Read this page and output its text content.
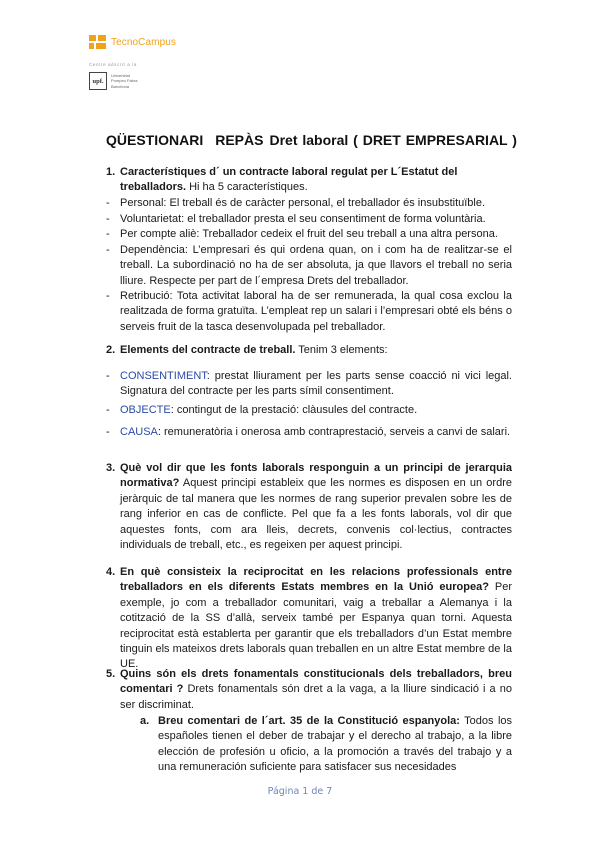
TecnoCampus
Centre adscrit a la
upf.
Universitat
Pompeu Fabra
Barcelona
QÜESTIONARI REPÀS Dret laboral ( DRET EMPRESARIAL )
1. Característiques d´ un contracte laboral regulat per L´Estatut del
treballadors. Hi ha 5 característiques.
- Personal: El treball és de caràcter personal, el treballador és insubstituïble.
- Voluntarietat: el treballador presta el seu consentiment de forma voluntària.
- Per compte aliè: Treballador cedeix el fruit del seu treball a una altra persona.
- Dependència: L’empresari és qui ordena quan, on i com ha de realitzar-se el treball. La subordinació no ha de ser absoluta, ja que llavors el treball no seria lliure. Respecte per part de l´empresa Drets del treballador.
- Retribució: Tota activitat laboral ha de ser remunerada, la qual cosa exclou la realitzada de forma gratuïta. L’empleat rep un salari i l’empresari obté els béns o serveis fruit de la tasca desenvolupada pel treballador.
2. Elements del contracte de treball. Tenim 3 elements:
- CONSENTIMENT: prestat lliurament per les parts sense coacció ni vici legal. Signatura del contracte per les parts símil consentiment.
- OBJECTE: contingut de la prestació: clàusules del contracte.
- CAUSA: remuneratòria i onerosa amb contraprestació, serveis a canvi de salari.
3. Què vol dir que les fonts laborals responguin a un principi de jerarquia normativa? Aquest principi estableix que les normes es disposen en un ordre jeràrquic de tal manera que les normes de rang superior prevalen sobre les de rang inferior en cas de conflicte. Pel que fa a les fonts laborals, vol dir que aquestes fonts, com ara lleis, decrets, convenis col·lectius, contractes individuals de treball, etc., es regeixen per aquest principi.
4. En què consisteix la reciprocitat en les relacions professionals entre treballadors en els diferents Estats membres en la Unió europea? Per exemple, jo com a treballador comunitari, vaig a treballar a Alemanya i la cotització de la SS d’allà, serveix també per Espanya quan torni. Aquesta reciprocitat està establerta per garantir que els treballadors d’un Estat membre tinguin els mateixos drets laborals quan treballen en un altre Estat membre de la UE.
5. Quins són els drets fonamentals constitucionals dels treballadors, breu comentari ? Drets fonamentals són dret a la vaga, a la lliure sindicació i a no ser discriminat.
a. Breu comentari de l´art. 35 de la Constitució espanyola: Todos los españoles tienen el deber de trabajar y el derecho al trabajo, a la libre elección de profesión u oficio, a la promoción a través del trabajo y a una remuneración suficiente para satisfacer sus necesidades
Página 1 de 7
